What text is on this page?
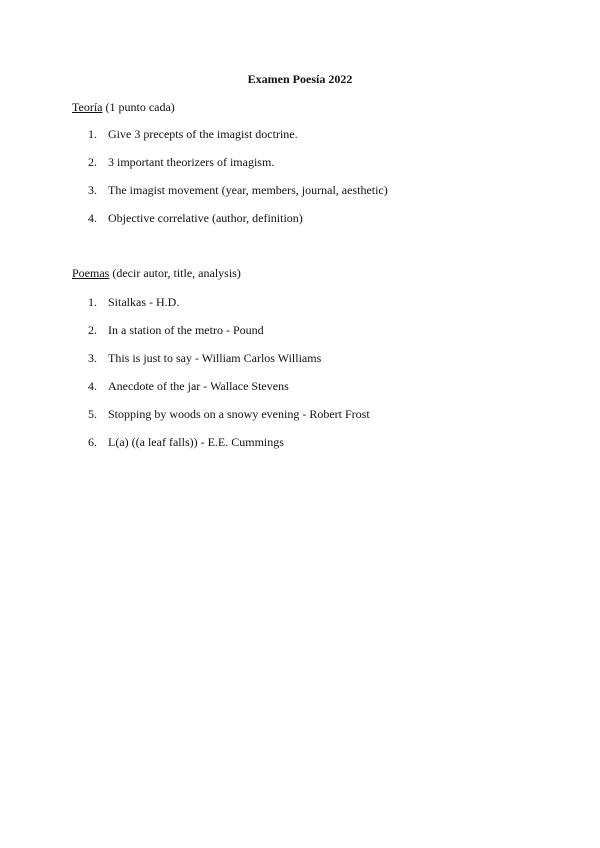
Examen Poesía 2022
Teoría (1 punto cada)
1. Give 3 precepts of the imagist doctrine.
2. 3 important theorizers of imagism.
3. The imagist movement (year, members, journal, aesthetic)
4. Objective correlative (author, definition)
Poemas (decir autor, title, analysis)
1. Sitalkas - H.D.
2. In a station of the metro - Pound
3. This is just to say - William Carlos Williams
4. Anecdote of the jar - Wallace Stevens
5. Stopping by woods on a snowy evening - Robert Frost
6. L(a) ((a leaf falls)) - E.E. Cummings
